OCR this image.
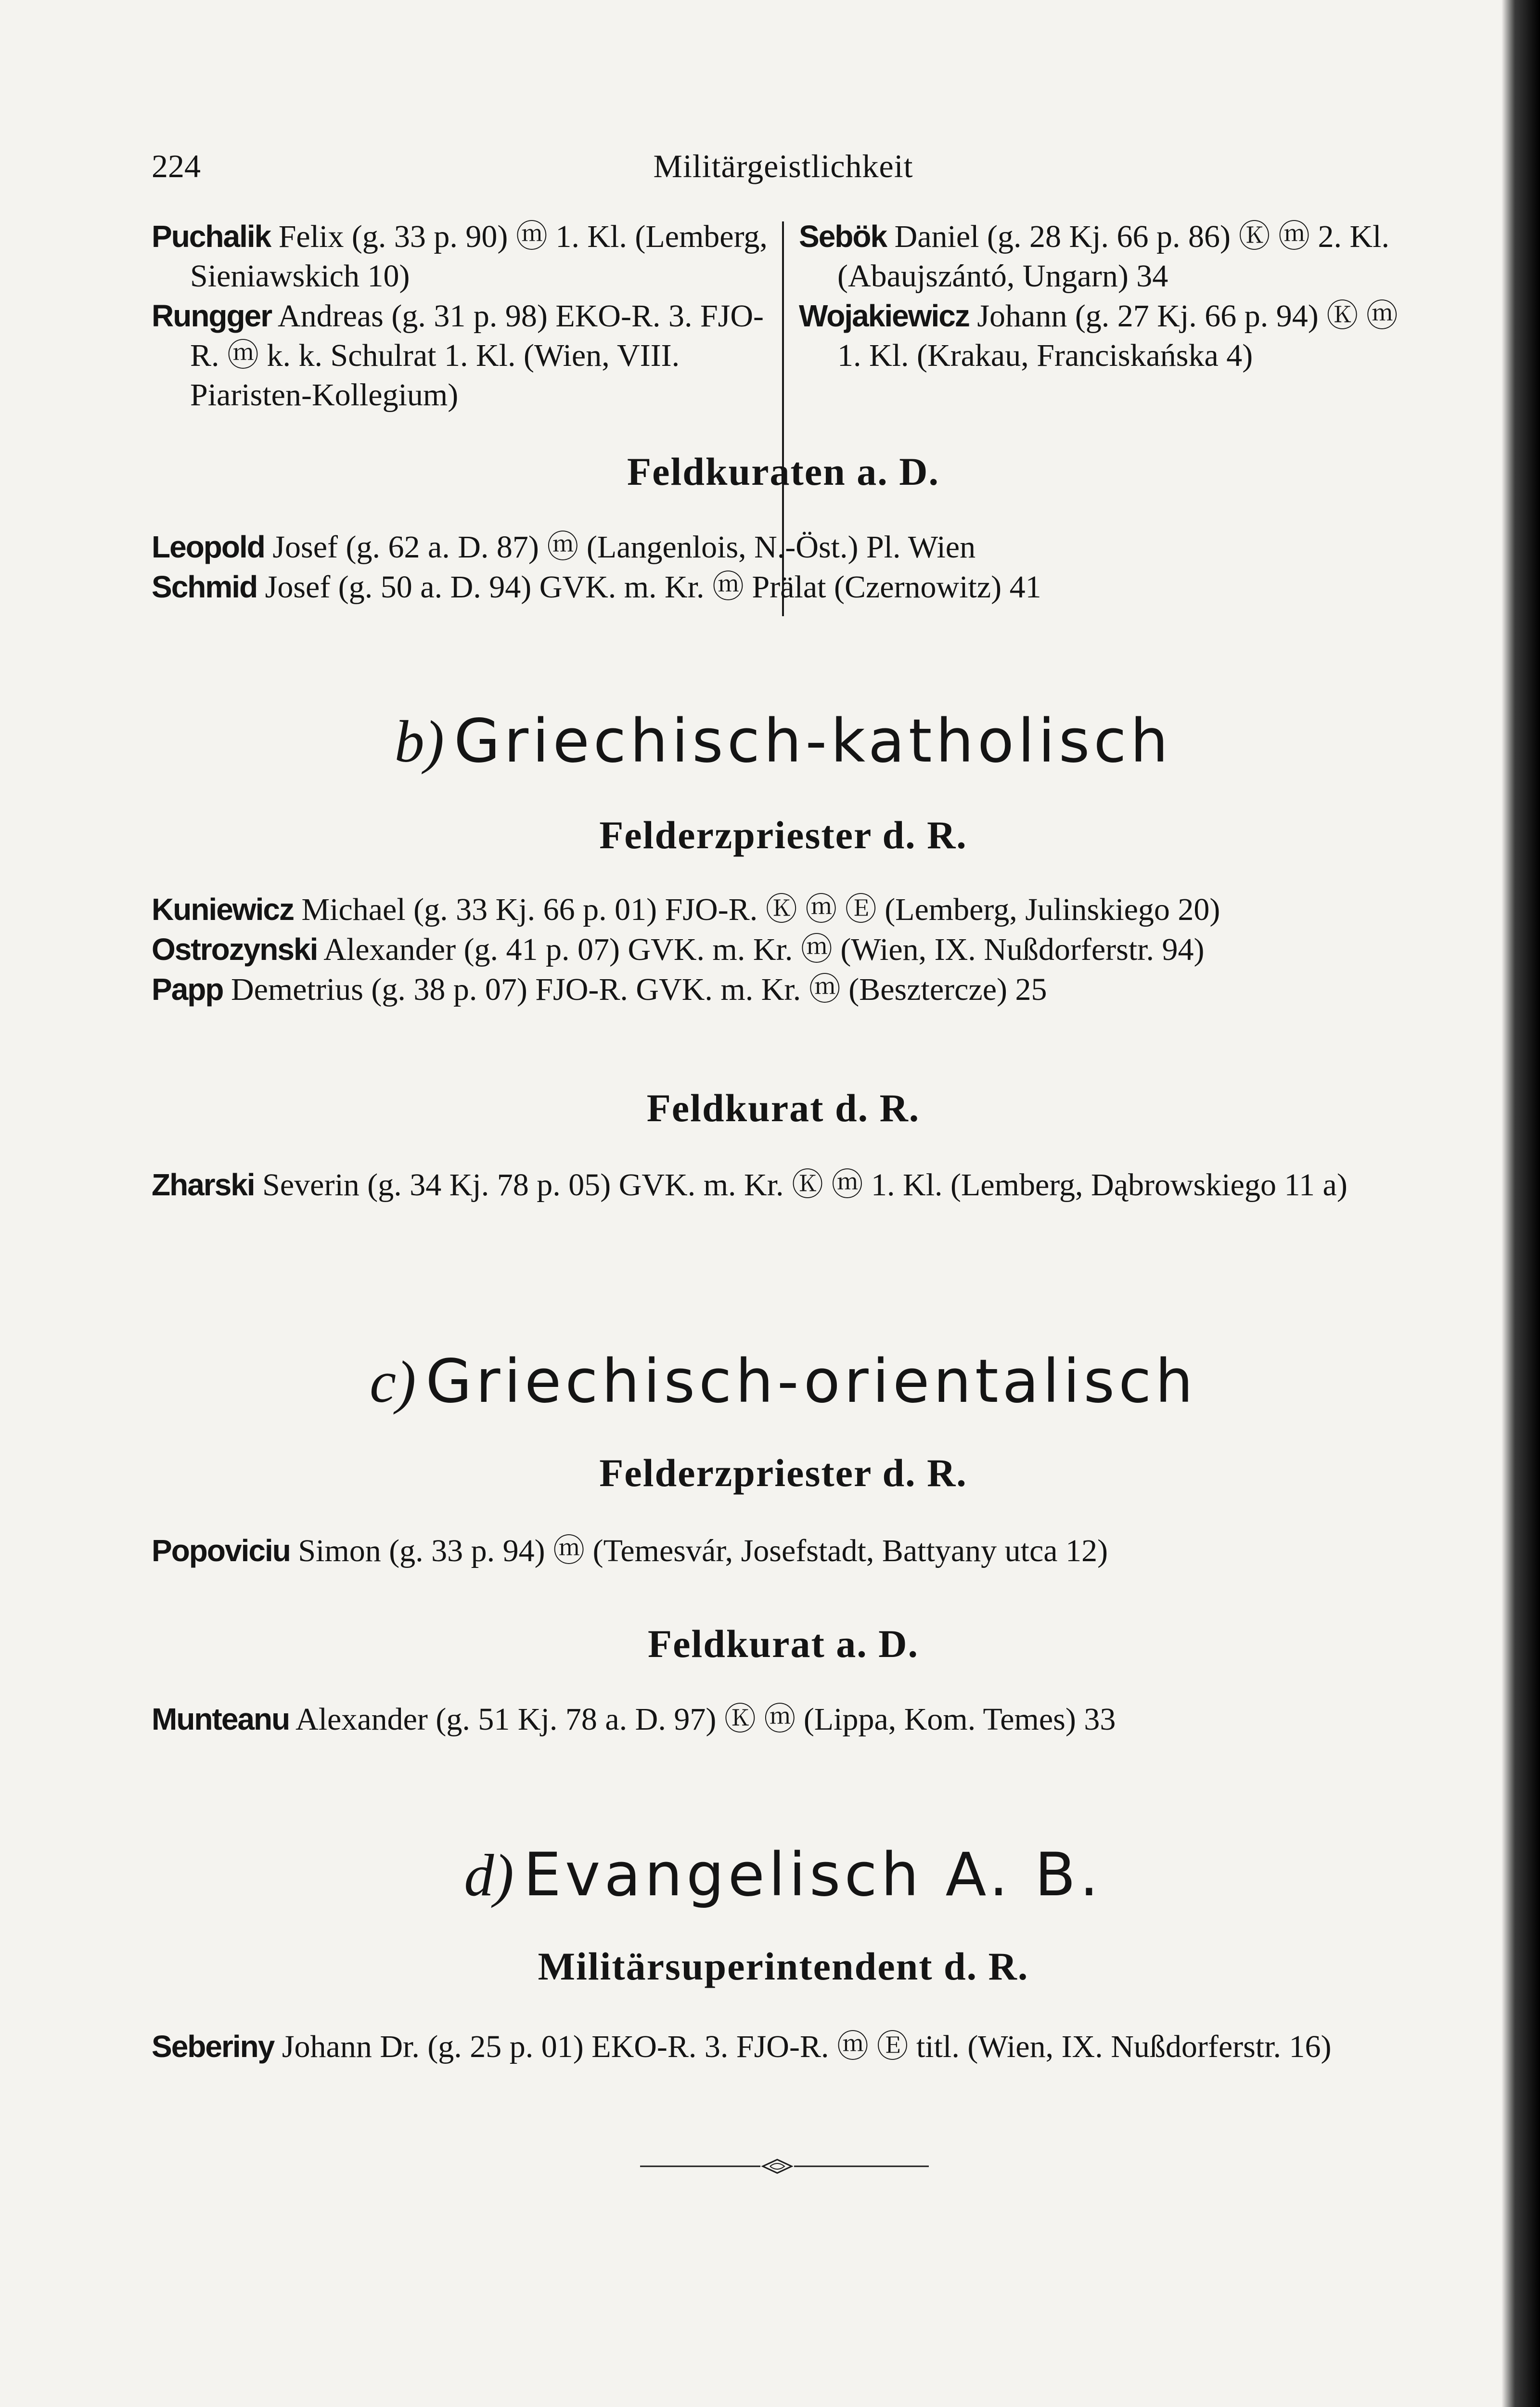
224	Militärgeistlichkeit
Puchalik Felix (g. 33 p. 90) ⓜ 1. Kl. (Lemberg, Sieniawskich 10)
Rungger Andreas (g. 31 p. 98) EKO-R. 3. FJO-R. ⓜ k. k. Schulrat 1. Kl. (Wien, VIII. Piaristen-Kollegium)
Sebök Daniel (g. 28 Kj. 66 p. 86) Ⓚ ⓜ 2. Kl. (Abaujszántó, Ungarn) 34
Wojakiewicz Johann (g. 27 Kj. 66 p. 94) Ⓚ ⓜ 1. Kl. (Krakau, Franciskańska 4)
Feldkuraten a. D.
Leopold Josef (g. 62 a. D. 87) ⓜ (Langenlois, N.-Öst.) Pl. Wien
Schmid Josef (g. 50 a. D. 94) GVK. m. Kr. ⓜ Prälat (Czernowitz) 41
b) Griechisch-katholisch
Felderzpriester d. R.
Kuniewicz Michael (g. 33 Kj. 66 p. 01) FJO-R. Ⓚ ⓜ Ⓔ (Lemberg, Julinskiego 20)
Ostrozynski Alexander (g. 41 p. 07) GVK. m. Kr. ⓜ (Wien, IX. Nußdorferstr. 94)
Papp Demetrius (g. 38 p. 07) FJO-R. GVK. m. Kr. ⓜ (Besztercze) 25
Feldkurat d. R.
Zharski Severin (g. 34 Kj. 78 p. 05) GVK. m. Kr. Ⓚ ⓜ 1. Kl. (Lemberg, Dąbrowskiego 11 a)
c) Griechisch-orientalisch
Felderzpriester d. R.
Popoviciu Simon (g. 33 p. 94) ⓜ (Temesvár, Josefstadt, Battyany utca 12)
Feldkurat a. D.
Munteanu Alexander (g. 51 Kj. 78 a. D. 97) Ⓚ ⓜ (Lippa, Kom. Temes) 33
d) Evangelisch A. B.
Militärsuperintendent d. R.
Seberiny Johann Dr. (g. 25 p. 01) EKO-R. 3. FJO-R. ⓜ Ⓔ titl. (Wien, IX. Nußdorferstr. 16)
